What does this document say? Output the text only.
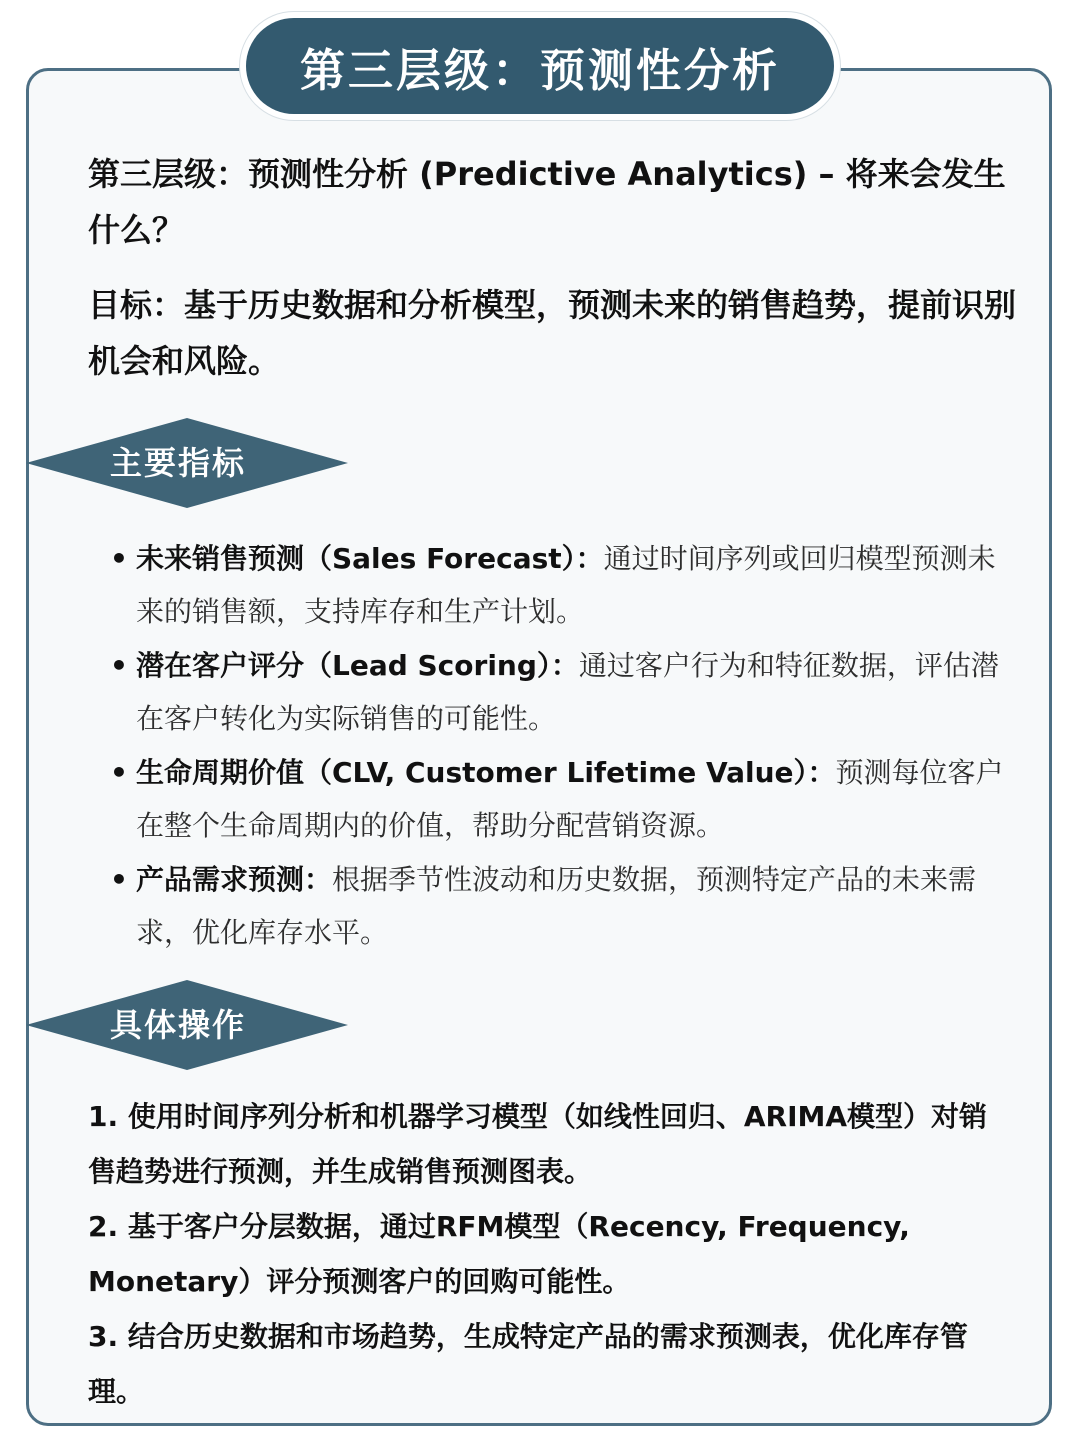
第三层级：预测性分析
第三层级：预测性分析 (Predictive Analytics) – 将来会发生什么？
目标：基于历史数据和分析模型，预测未来的销售趋势，提前识别机会和风险。
主要指标
• 未来销售预测（Sales Forecast）：通过时间序列或回归模型预测未来的销售额，支持库存和生产计划。
• 潜在客户评分（Lead Scoring）：通过客户行为和特征数据，评估潜在客户转化为实际销售的可能性。
• 生命周期价值（CLV, Customer Lifetime Value）：预测每位客户在整个生命周期内的价值，帮助分配营销资源。
• 产品需求预测：根据季节性波动和历史数据，预测特定产品的未来需求，优化库存水平。
具体操作
1. 使用时间序列分析和机器学习模型（如线性回归、ARIMA模型）对销售趋势进行预测，并生成销售预测图表。
2. 基于客户分层数据，通过RFM模型（Recency, Frequency, Monetary）评分预测客户的回购可能性。
3. 结合历史数据和市场趋势，生成特定产品的需求预测表，优化库存管理。
